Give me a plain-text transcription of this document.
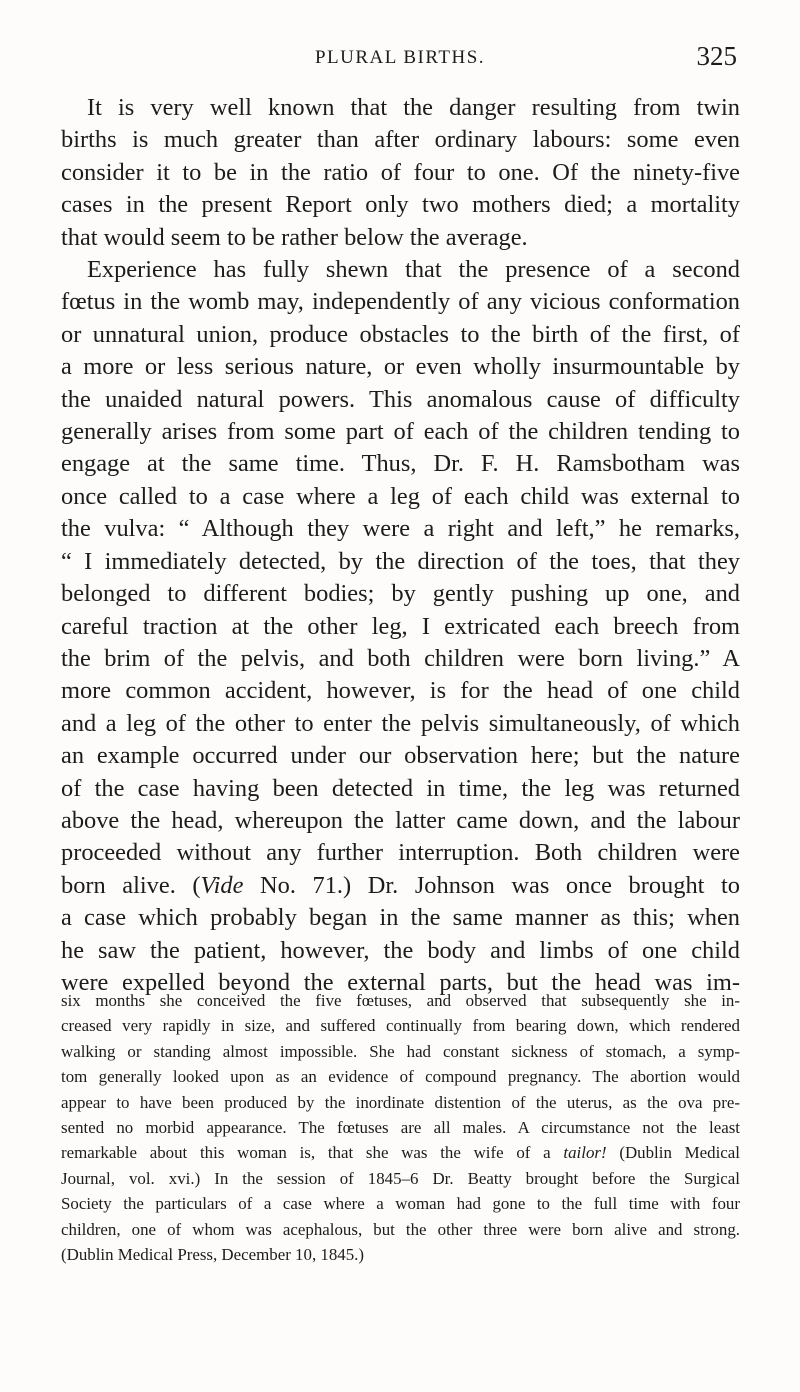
PLURAL BIRTHS.	325
It is very well known that the danger resulting from twin
births is much greater than after ordinary labours: some even
consider it to be in the ratio of four to one. Of the ninety-five
cases in the present Report only two mothers died; a mortality
that would seem to be rather below the average.
Experience has fully shewn that the presence of a second
fœtus in the womb may, independently of any vicious conformation
or unnatural union, produce obstacles to the birth of the first, of
a more or less serious nature, or even wholly insurmountable by
the unaided natural powers. This anomalous cause of difficulty
generally arises from some part of each of the children tending to
engage at the same time. Thus, Dr. F. H. Ramsbotham was
once called to a case where a leg of each child was external to
the vulva: “ Although they were a right and left,” he remarks,
“ I immediately detected, by the direction of the toes, that they
belonged to different bodies; by gently pushing up one, and
careful traction at the other leg, I extricated each breech from
the brim of the pelvis, and both children were born living.” A
more common accident, however, is for the head of one child
and a leg of the other to enter the pelvis simultaneously, of which
an example occurred under our observation here; but the nature
of the case having been detected in time, the leg was returned
above the head, whereupon the latter came down, and the labour
proceeded without any further interruption. Both children were
born alive. (Vide No. 71.) Dr. Johnson was once brought to
a case which probably began in the same manner as this; when
he saw the patient, however, the body and limbs of one child
were expelled beyond the external parts, but the head was im-
six months she conceived the five fœtuses, and observed that subsequently she in-
creased very rapidly in size, and suffered continually from bearing down, which rendered
walking or standing almost impossible. She had constant sickness of stomach, a symp-
tom generally looked upon as an evidence of compound pregnancy. The abortion would
appear to have been produced by the inordinate distention of the uterus, as the ova pre-
sented no morbid appearance. The fœtuses are all males. A circumstance not the least
remarkable about this woman is, that she was the wife of a tailor! (Dublin Medical
Journal, vol. xvi.) In the session of 1845–6 Dr. Beatty brought before the Surgical
Society the particulars of a case where a woman had gone to the full time with four
children, one of whom was acephalous, but the other three were born alive and strong.
(Dublin Medical Press, December 10, 1845.)
